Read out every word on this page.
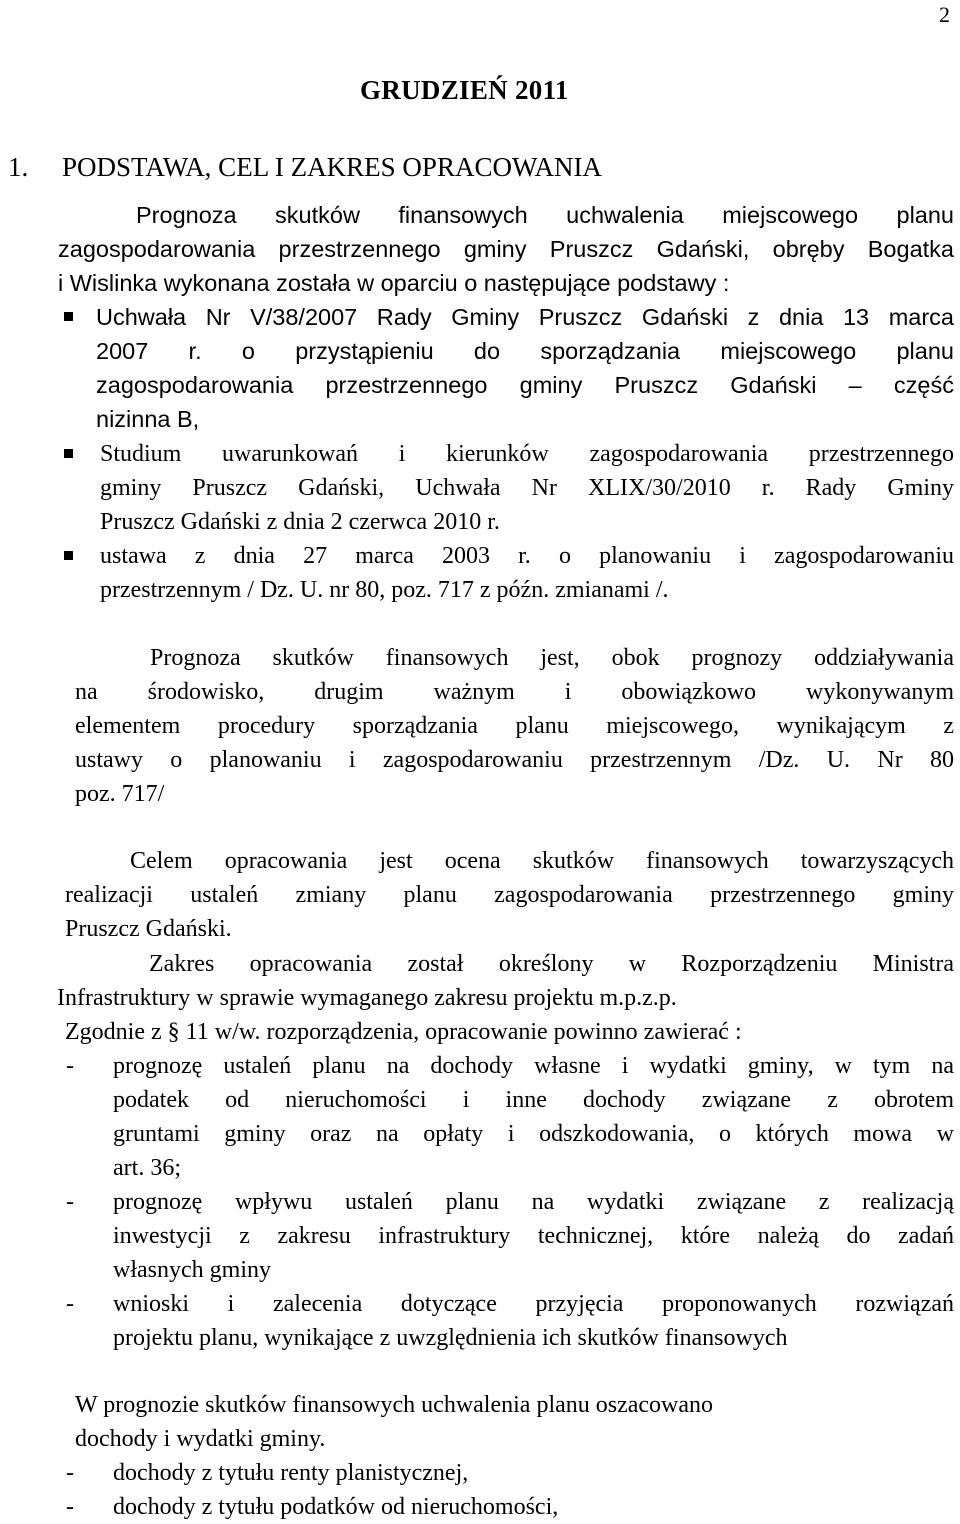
2
GRUDZIEŃ 2011
1. PODSTAWA, CEL I ZAKRES OPRACOWANIA
Prognoza skutków finansowych uchwalenia miejscowego planu
zagospodarowania przestrzennego gminy Pruszcz Gdański, obręby Bogatka
i Wislinka wykonana została w oparciu o następujące podstawy :
Uchwała Nr V/38/2007 Rady Gminy Pruszcz Gdański z dnia 13 marca
2007 r. o przystąpieniu do sporządzania miejscowego planu
zagospodarowania przestrzennego gminy Pruszcz Gdański – część
nizinna B,
Studium uwarunkowań i kierunków zagospodarowania przestrzennego
gminy Pruszcz Gdański, Uchwała Nr XLIX/30/2010 r. Rady Gminy
Pruszcz Gdański z dnia 2 czerwca 2010 r.
ustawa z dnia 27 marca 2003 r. o planowaniu i zagospodarowaniu
przestrzennym / Dz. U. nr 80, poz. 717 z późn. zmianami /.
Prognoza skutków finansowych jest, obok prognozy oddziaływania
na środowisko, drugim ważnym i obowiązkowo wykonywanym
elementem procedury sporządzania planu miejscowego, wynikającym z
ustawy o planowaniu i zagospodarowaniu przestrzennym /Dz. U. Nr 80
poz. 717/
Celem opracowania jest ocena skutków finansowych towarzyszących
realizacji ustaleń zmiany planu zagospodarowania przestrzennego gminy
Pruszcz Gdański.
Zakres opracowania został określony w Rozporządzeniu Ministra
Infrastruktury w sprawie wymaganego zakresu projektu m.p.z.p.
Zgodnie z § 11 w/w. rozporządzenia, opracowanie powinno zawierać :
- prognozę ustaleń planu na dochody własne i wydatki gminy, w tym na
podatek od nieruchomości i inne dochody związane z obrotem
gruntami gminy oraz na opłaty i odszkodowania, o których mowa w
art. 36;
- prognozę wpływu ustaleń planu na wydatki związane z realizacją
inwestycji z zakresu infrastruktury technicznej, które należą do zadań
własnych gminy
- wnioski i zalecenia dotyczące przyjęcia proponowanych rozwiązań
projektu planu, wynikające z uwzględnienia ich skutków finansowych
W prognozie skutków finansowych uchwalenia planu oszacowano
dochody i wydatki gminy.
- dochody z tytułu renty planistycznej,
- dochody z tytułu podatków od nieruchomości,
